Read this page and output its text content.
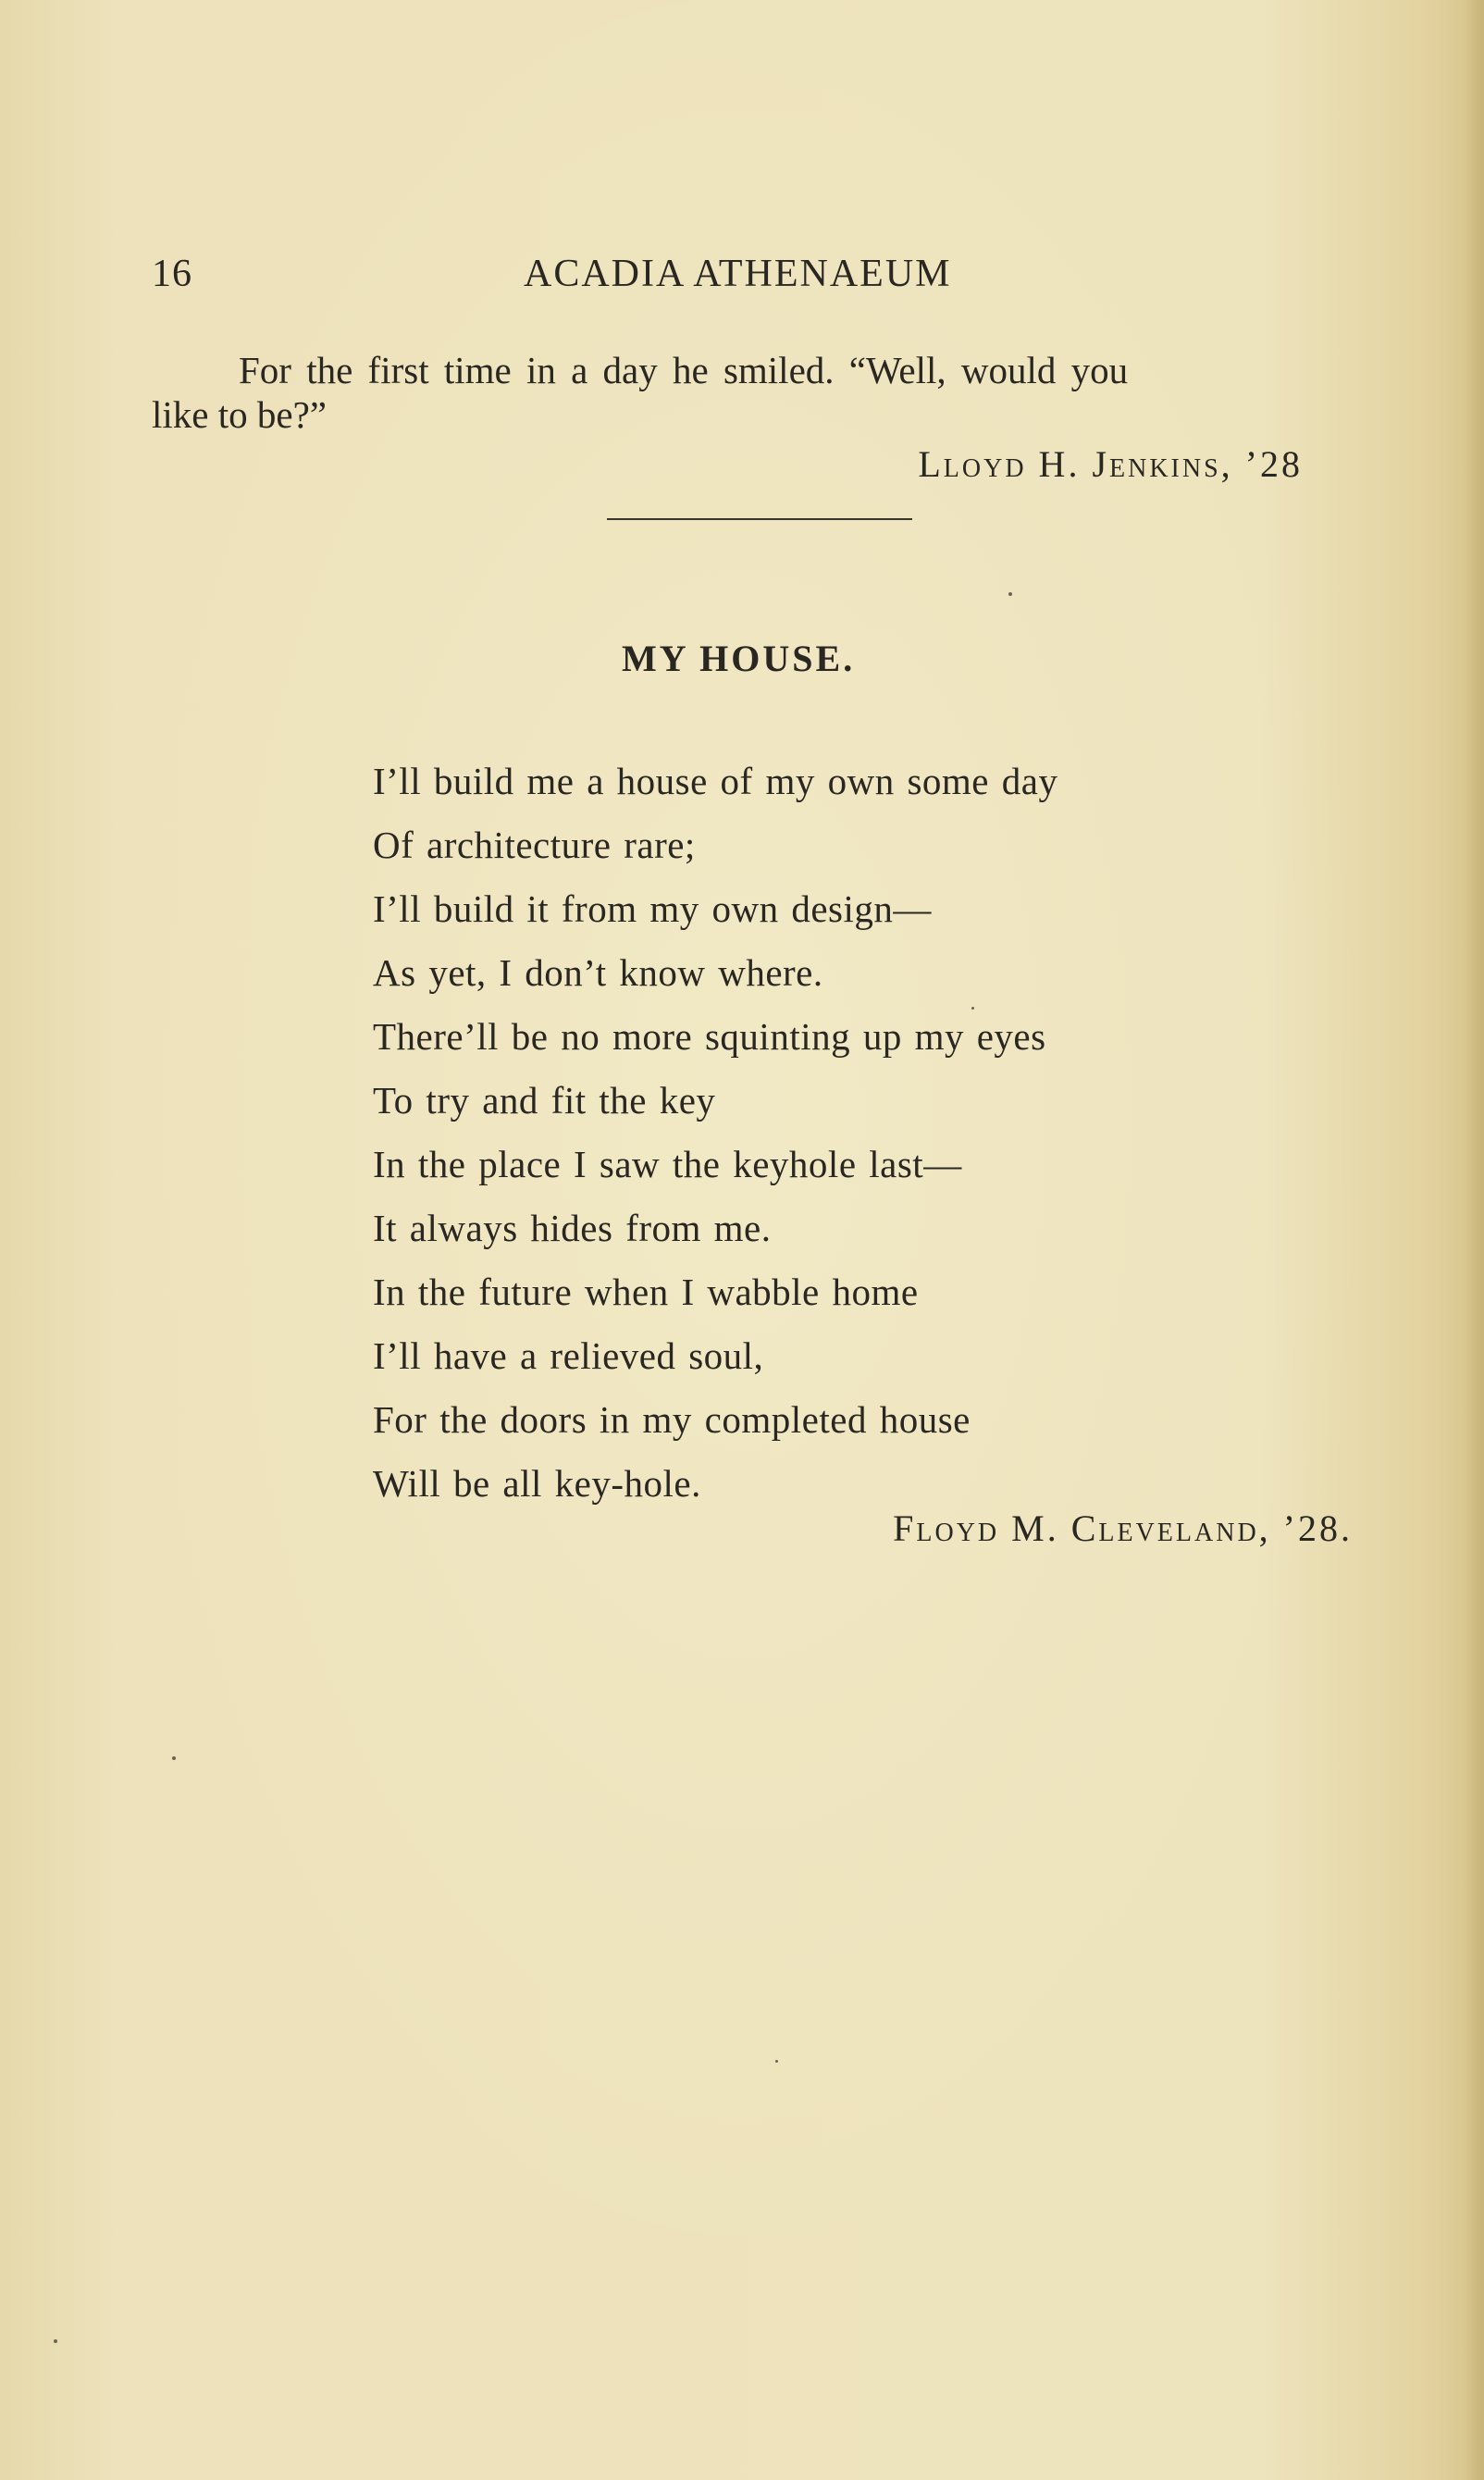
16	ACADIA ATHENAEUM
For the first time in a day he smiled. “Well, would you
like to be?”
Lloyd H. Jenkins, ’28
MY HOUSE.
I’ll build me a house of my own some day
Of architecture rare;
I’ll build it from my own design—
As yet, I don’t know where.
There’ll be no more squinting up my eyes
To try and fit the key
In the place I saw the keyhole last—
It always hides from me.
In the future when I wabble home
I’ll have a relieved soul,
For the doors in my completed house
Will be all key-hole.
Floyd M. Cleveland, ’28.
